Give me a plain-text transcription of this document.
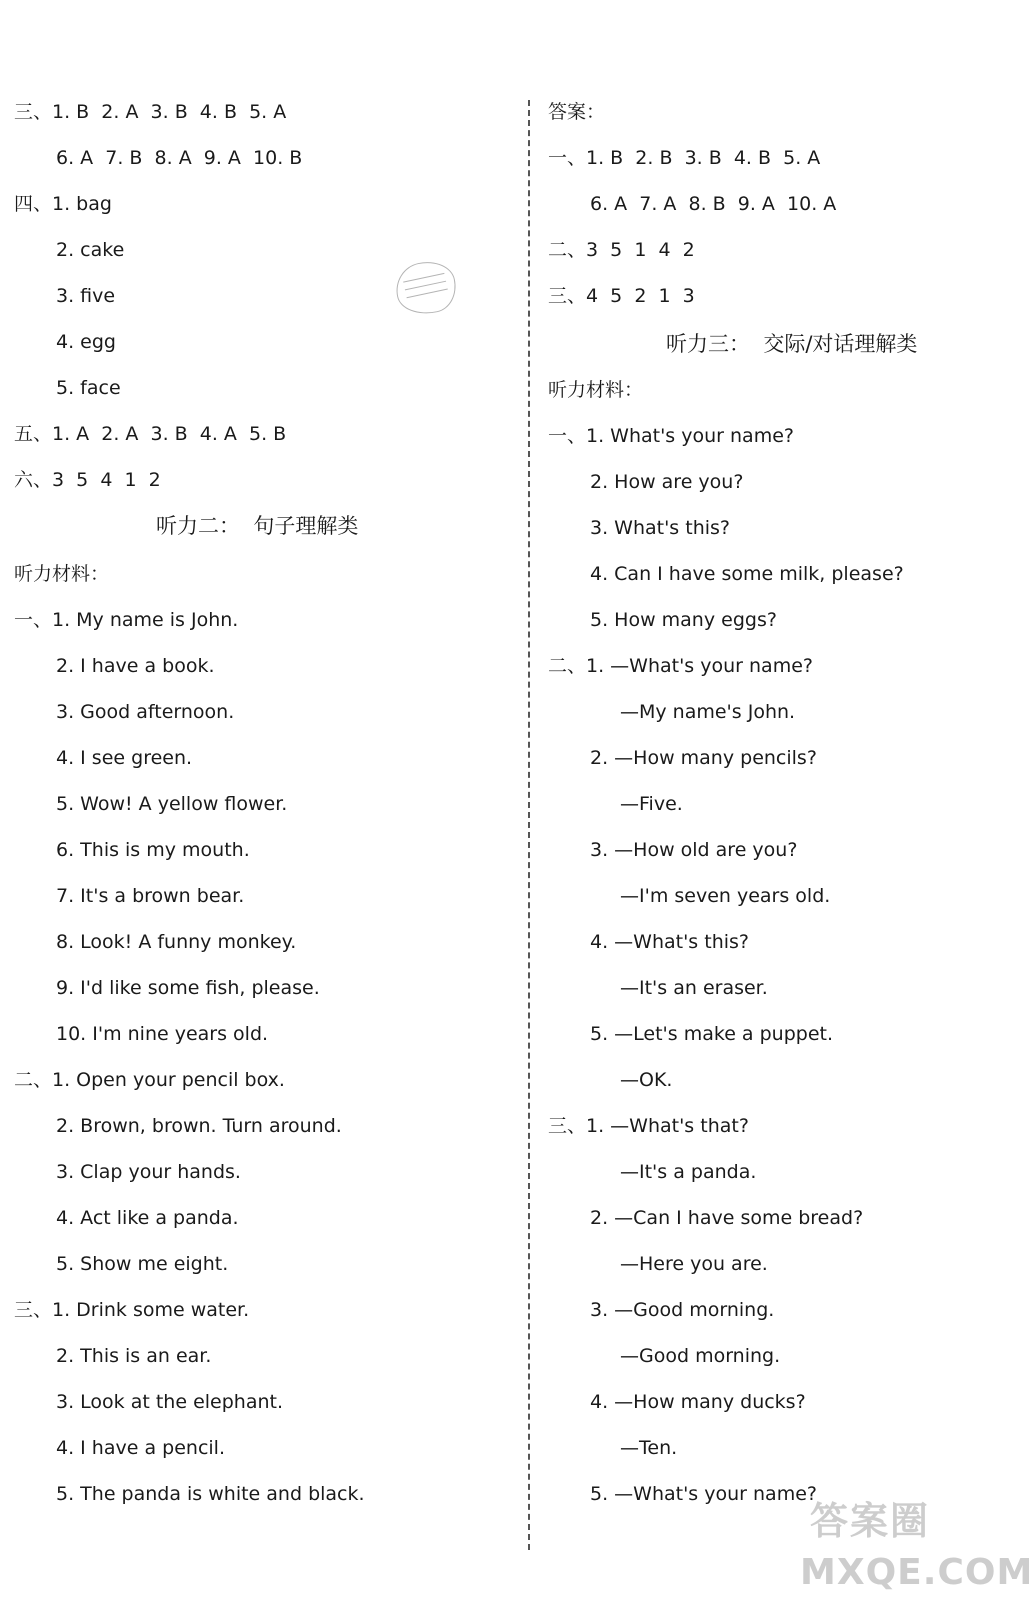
三、1. B  2. A  3. B  4. B  5. A
6. A  7. B  8. A  9. A  10. B
四、1. bag
2. cake
3. five
4. egg
5. face
五、1. A  2. A  3. B  4. A  5. B
六、3  5  4  1  2
听力二：  句子理解类
听力材料：
一、1. My name is John.
2. I have a book.
3. Good afternoon.
4. I see green.
5. Wow! A yellow flower.
6. This is my mouth.
7. It's a brown bear.
8. Look! A funny monkey.
9. I'd like some fish, please.
10. I'm nine years old.
二、1. Open your pencil box.
2. Brown, brown. Turn around.
3. Clap your hands.
4. Act like a panda.
5. Show me eight.
三、1. Drink some water.
2. This is an ear.
3. Look at the elephant.
4. I have a pencil.
5. The panda is white and black.
答案：
一、1. B  2. B  3. B  4. B  5. A
6. A  7. A  8. B  9. A  10. A
二、3  5  1  4  2
三、4  5  2  1  3
听力三：  交际/对话理解类
听力材料：
一、1. What's your name?
2. How are you?
3. What's this?
4. Can I have some milk, please?
5. How many eggs?
二、1. —What's your name?
—My name's John.
2. —How many pencils?
—Five.
3. —How old are you?
—I'm seven years old.
4. —What's this?
—It's an eraser.
5. —Let's make a puppet.
—OK.
三、1. —What's that?
—It's a panda.
2. —Can I have some bread?
—Here you are.
3. —Good morning.
—Good morning.
4. —How many ducks?
—Ten.
5. —What's your name?
答案圈
MXQE.COM
